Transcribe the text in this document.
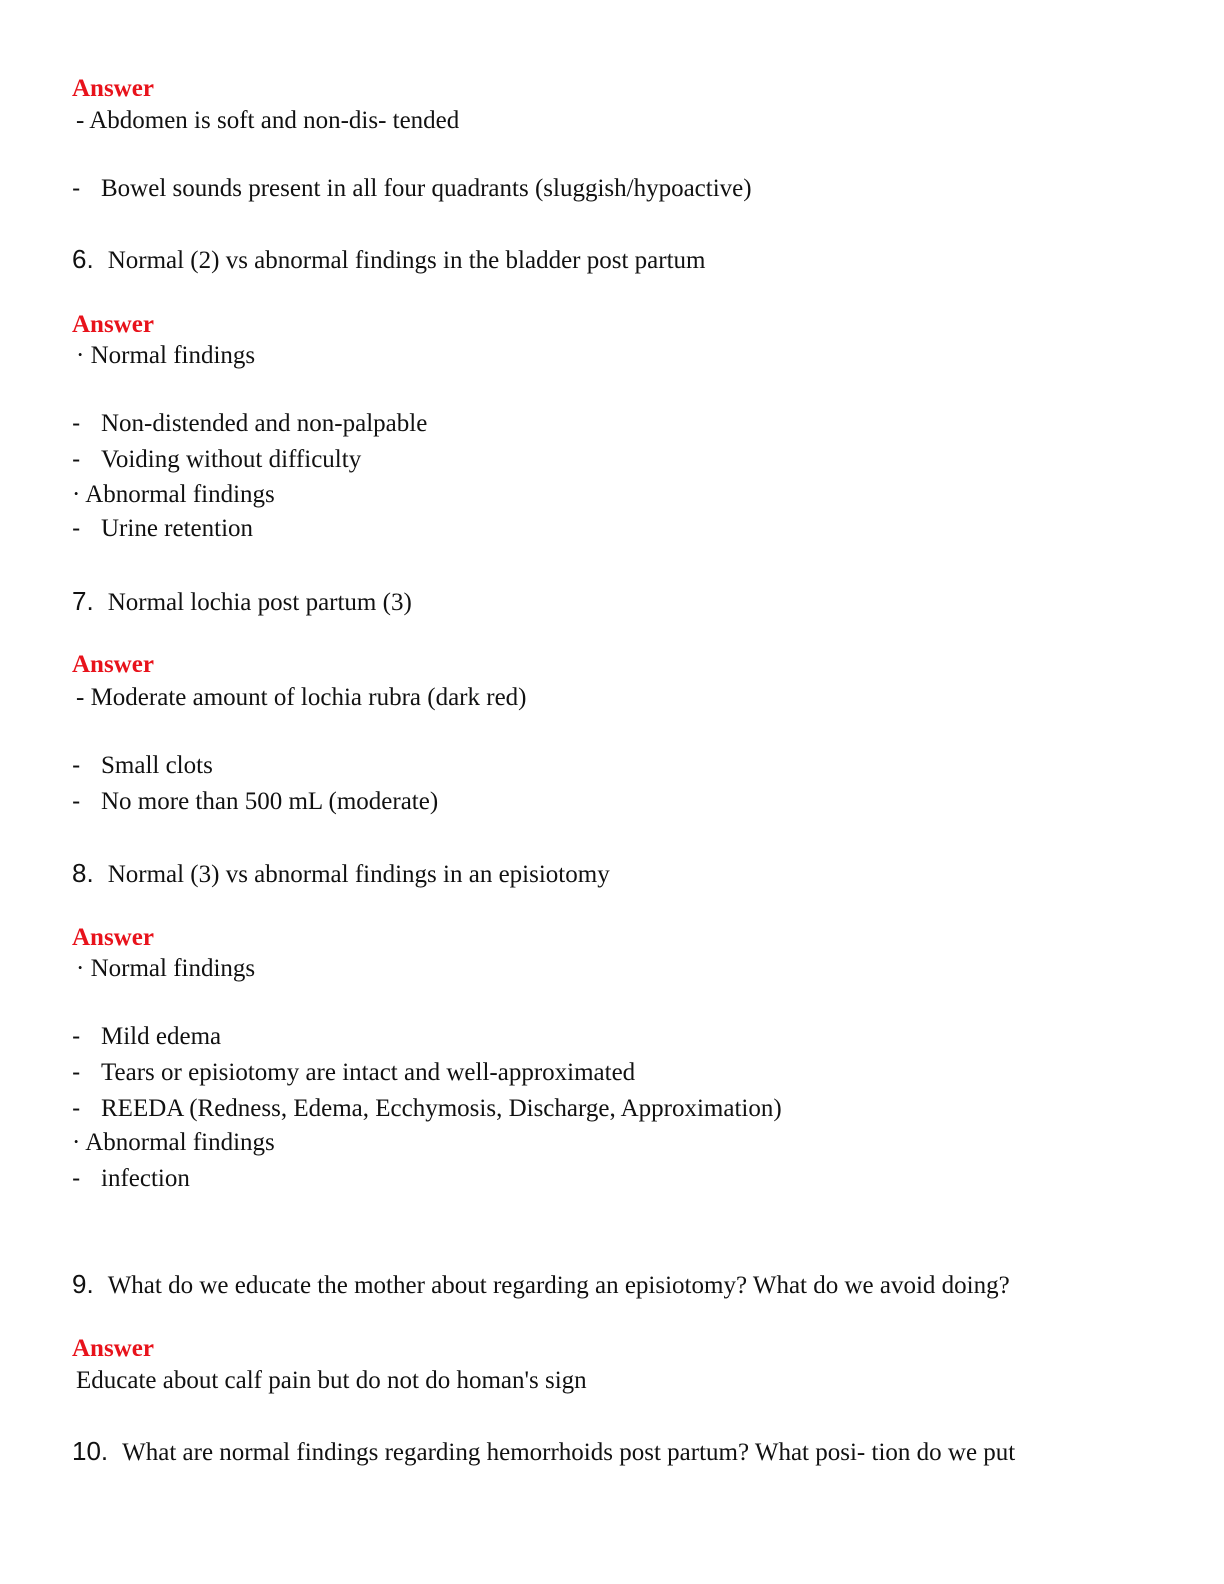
Answer
- Abdomen is soft and non-dis- tended
- Bowel sounds present in all four quadrants (sluggish/hypoactive)
6. Normal (2) vs abnormal findings in the bladder post partum
Answer
· Normal findings
- Non-distended and non-palpable
- Voiding without difficulty
· Abnormal findings
- Urine retention
7. Normal lochia post partum (3)
Answer
- Moderate amount of lochia rubra (dark red)
- Small clots
- No more than 500 mL (moderate)
8. Normal (3) vs abnormal findings in an episiotomy
Answer
· Normal findings
- Mild edema
- Tears or episiotomy are intact and well-approximated
- REEDA (Redness, Edema, Ecchymosis, Discharge, Approximation)
· Abnormal findings
- infection
9. What do we educate the mother about regarding an episiotomy? What do we avoid doing?
Answer
Educate about calf pain but do not do homan's sign
10. What are normal findings regarding hemorrhoids post partum? What posi- tion do we put
